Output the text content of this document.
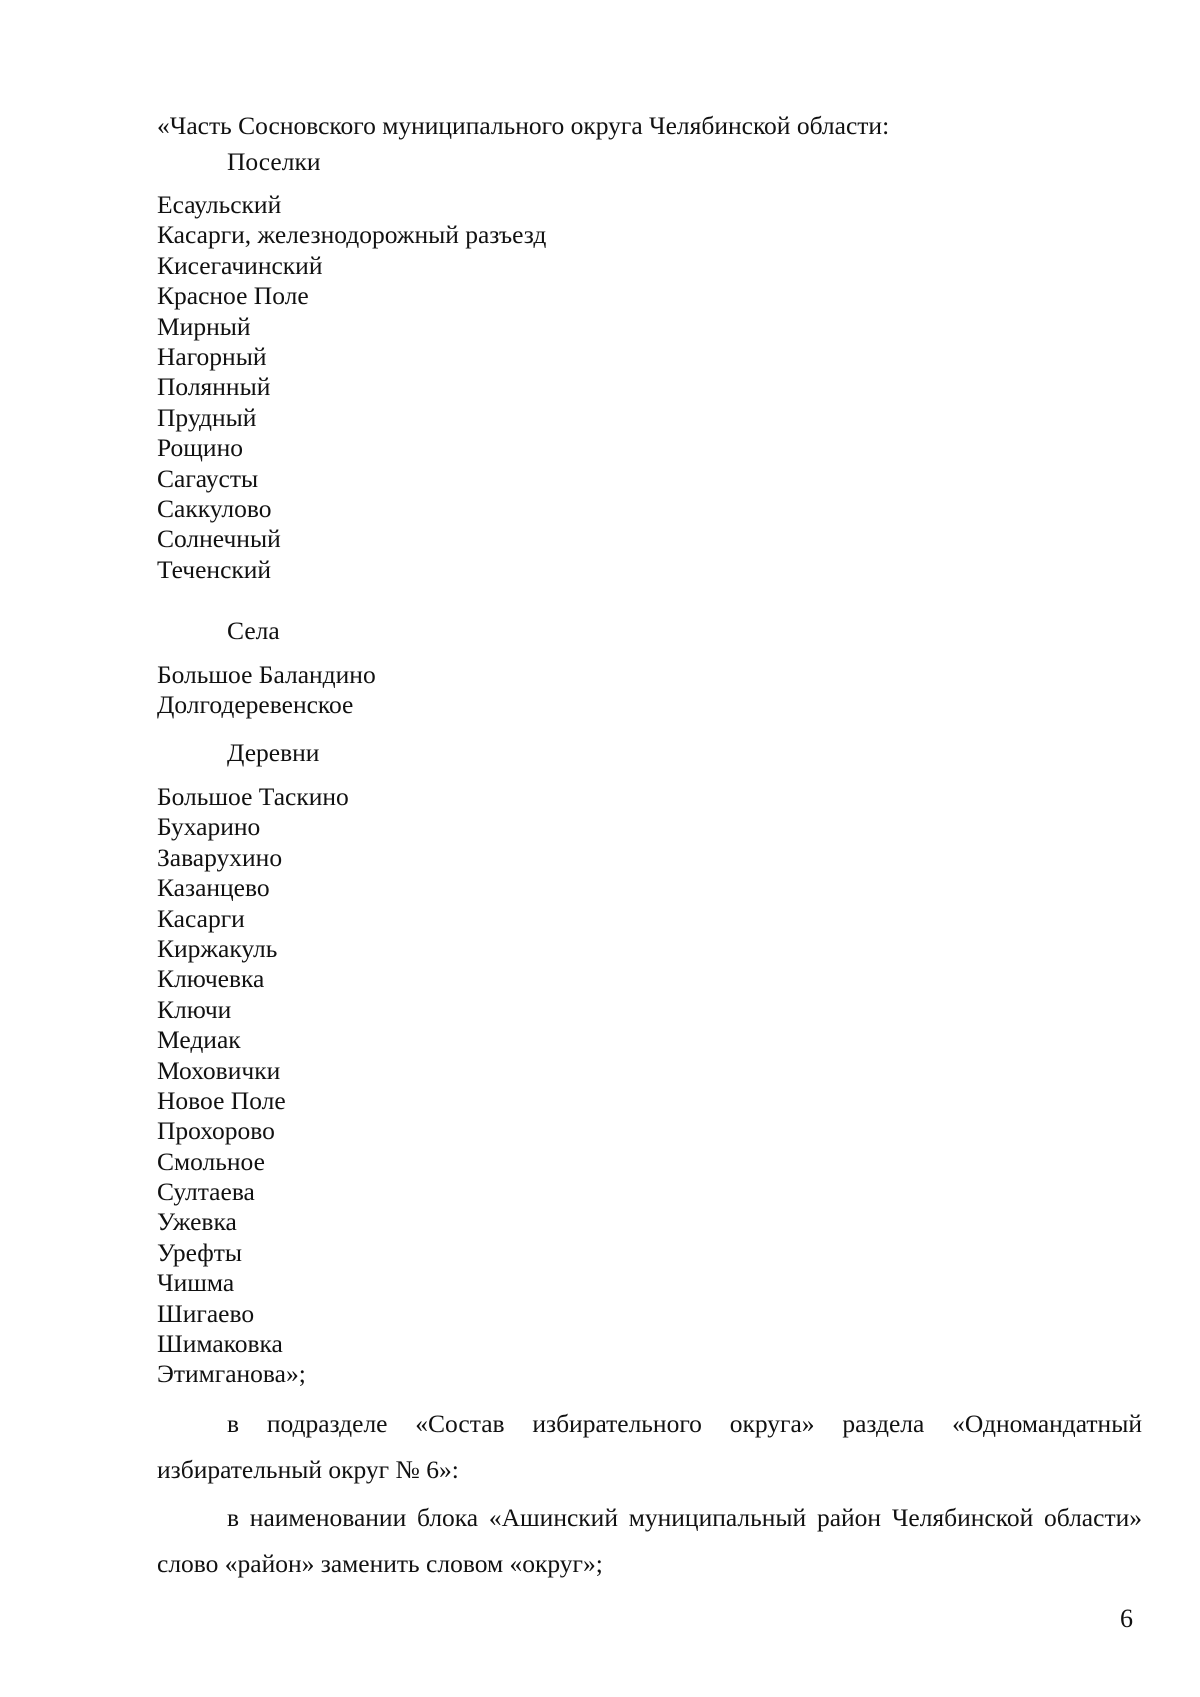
«Часть Сосновского муниципального округа Челябинской области:
Поселки
Есаульский
Касарги, железнодорожный разъезд
Кисегачинский
Красное Поле
Мирный
Нагорный
Полянный
Прудный
Рощино
Сагаусты
Саккулово
Солнечный
Теченский
Села
Большое Баландино
Долгодеревенское
Деревни
Большое Таскино
Бухарино
Заварухино
Казанцево
Касарги
Киржакуль
Ключевка
Ключи
Медиак
Моховички
Новое Поле
Прохорово
Смольное
Султаева
Ужевка
Урефты
Чишма
Шигаево
Шимаковка
Этимганова»;

в подразделе «Состав избирательного округа» раздела «Одномандатный избирательный округ № 6»:

в наименовании блока «Ашинский муниципальный район Челябинской области» слово «район» заменить словом «округ»;

6
